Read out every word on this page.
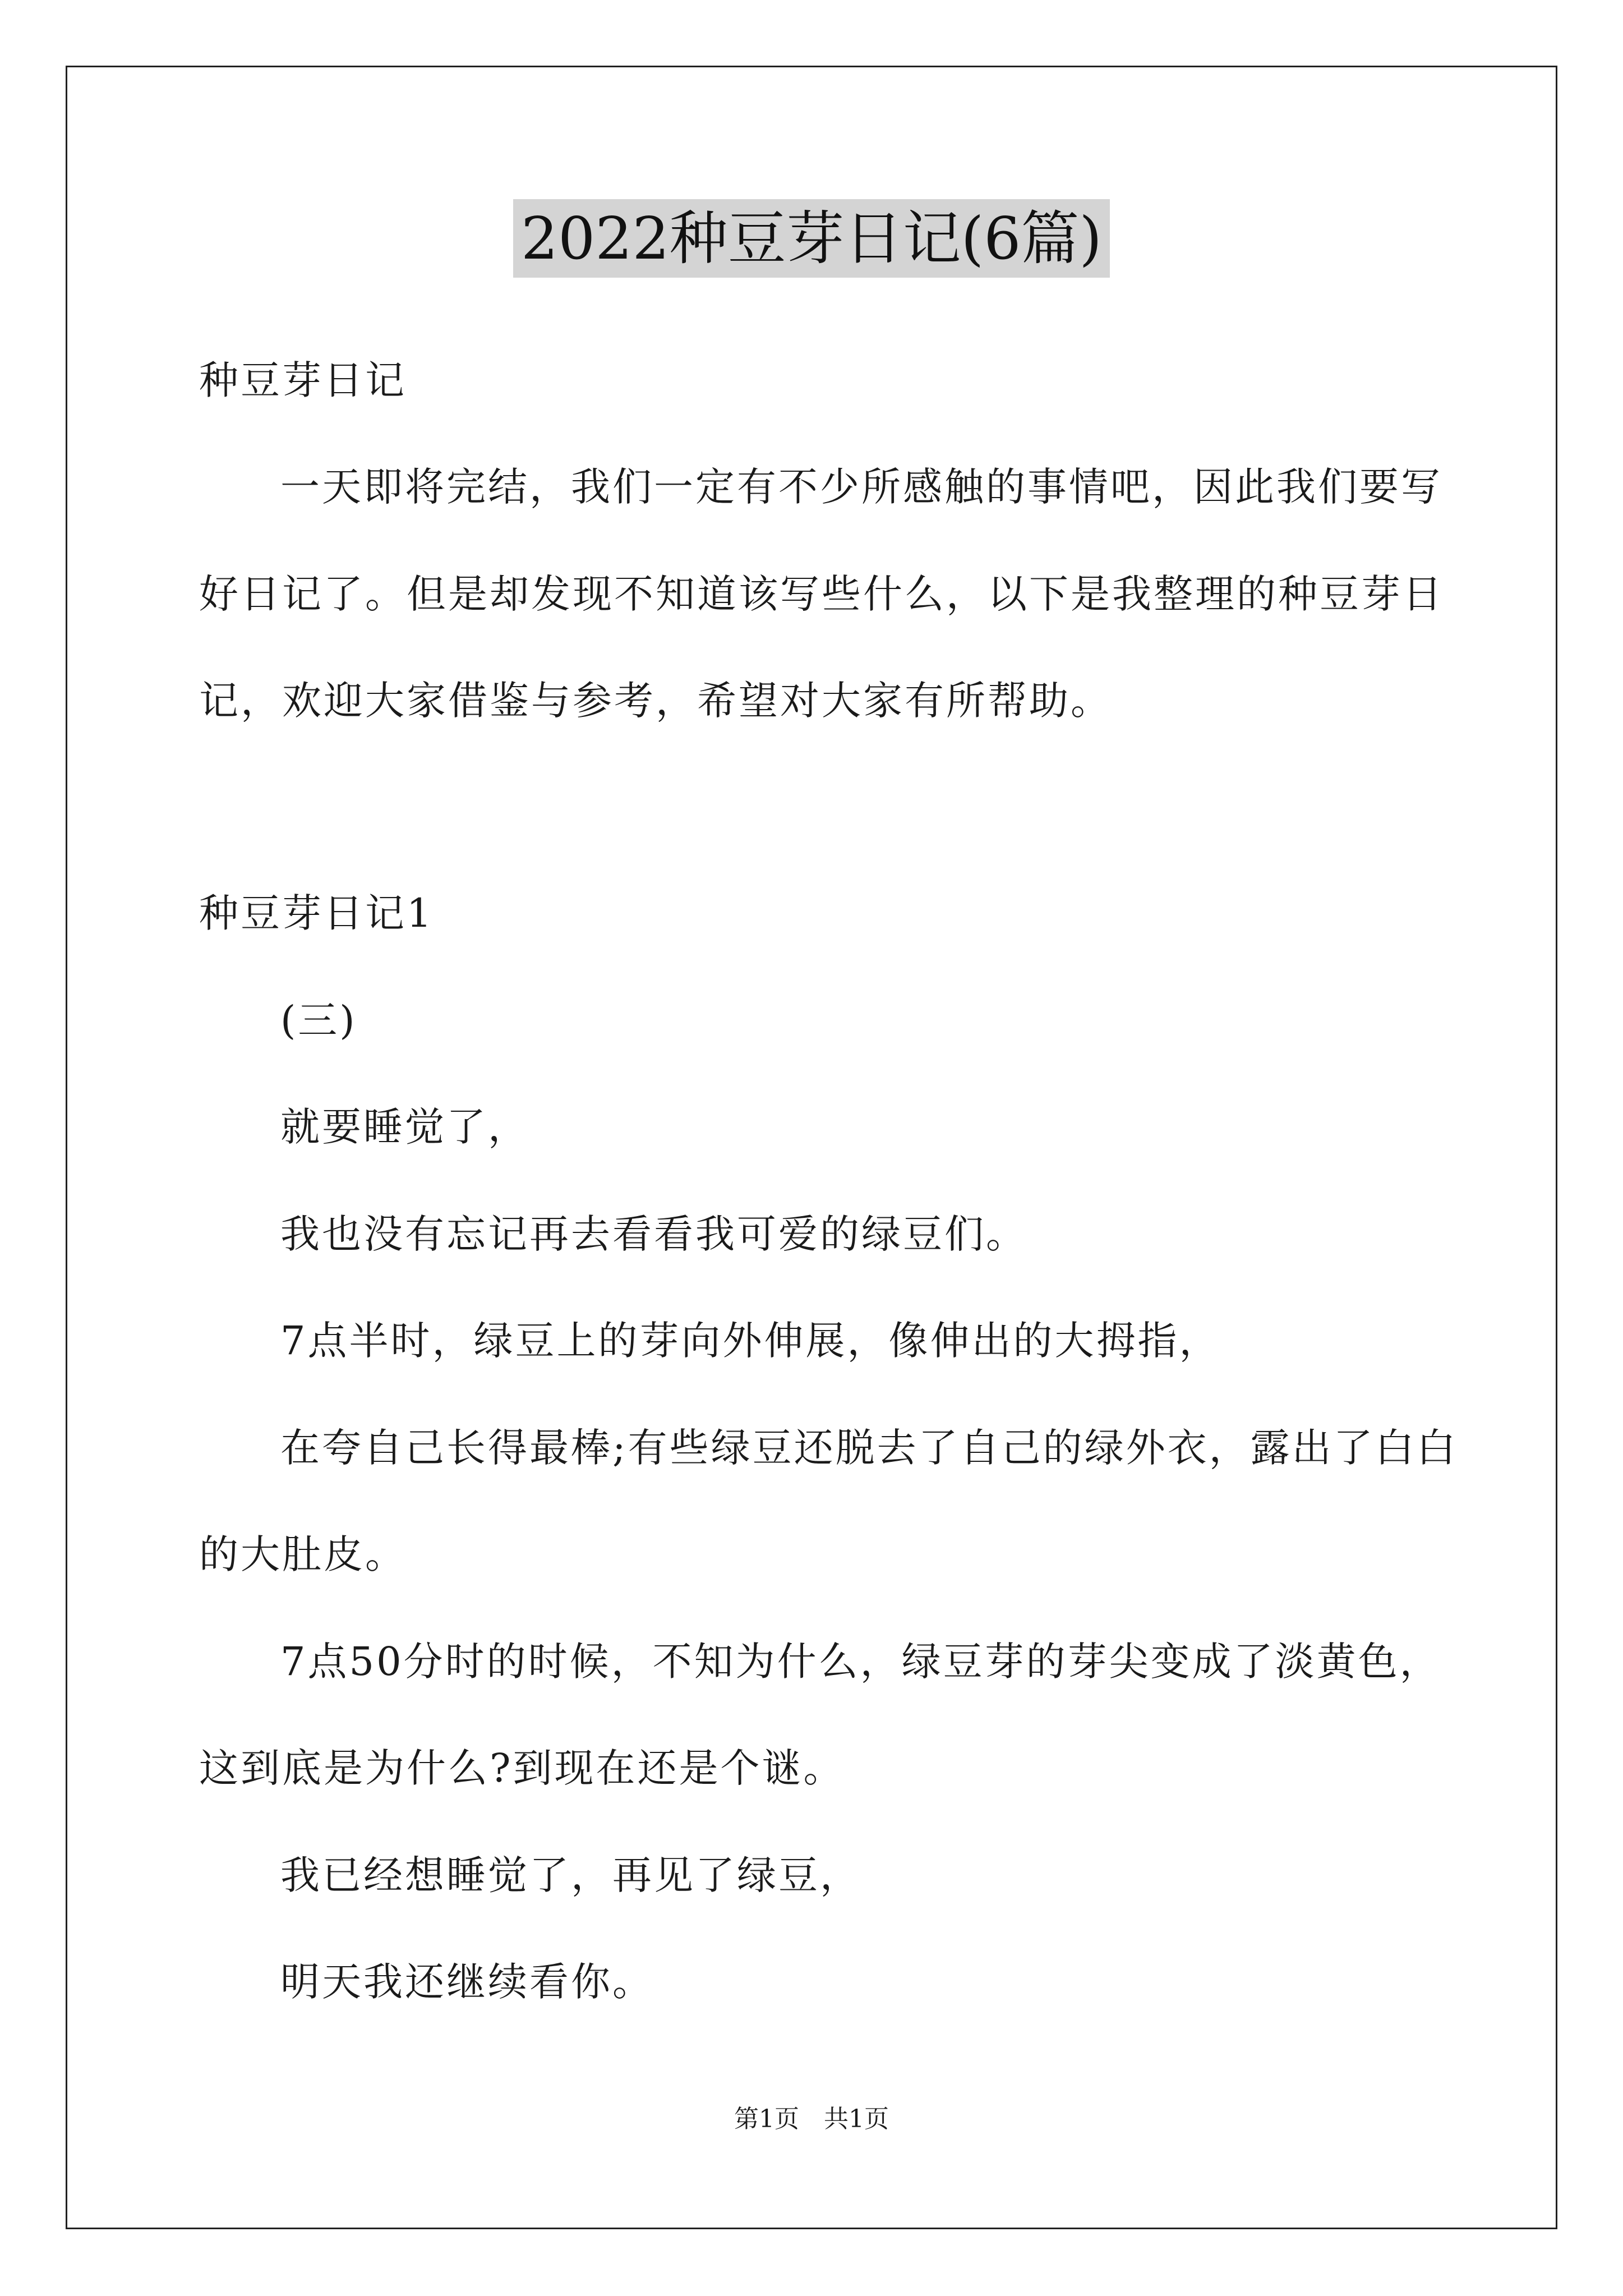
2022种豆芽日记(6篇)
种豆芽日记
一天即将完结，我们一定有不少所感触的事情吧，因此我们要写
好日记了。但是却发现不知道该写些什么，以下是我整理的种豆芽日
记，欢迎大家借鉴与参考，希望对大家有所帮助。
种豆芽日记1
(三)
就要睡觉了，
我也没有忘记再去看看我可爱的绿豆们。
7点半时，绿豆上的芽向外伸展，像伸出的大拇指，
在夸自己长得最棒;有些绿豆还脱去了自己的绿外衣，露出了白白
的大肚皮。
7点50分时的时候，不知为什么，绿豆芽的芽尖变成了淡黄色，
这到底是为什么?到现在还是个谜。
我已经想睡觉了，再见了绿豆，
明天我还继续看你。
第1页 共1页
